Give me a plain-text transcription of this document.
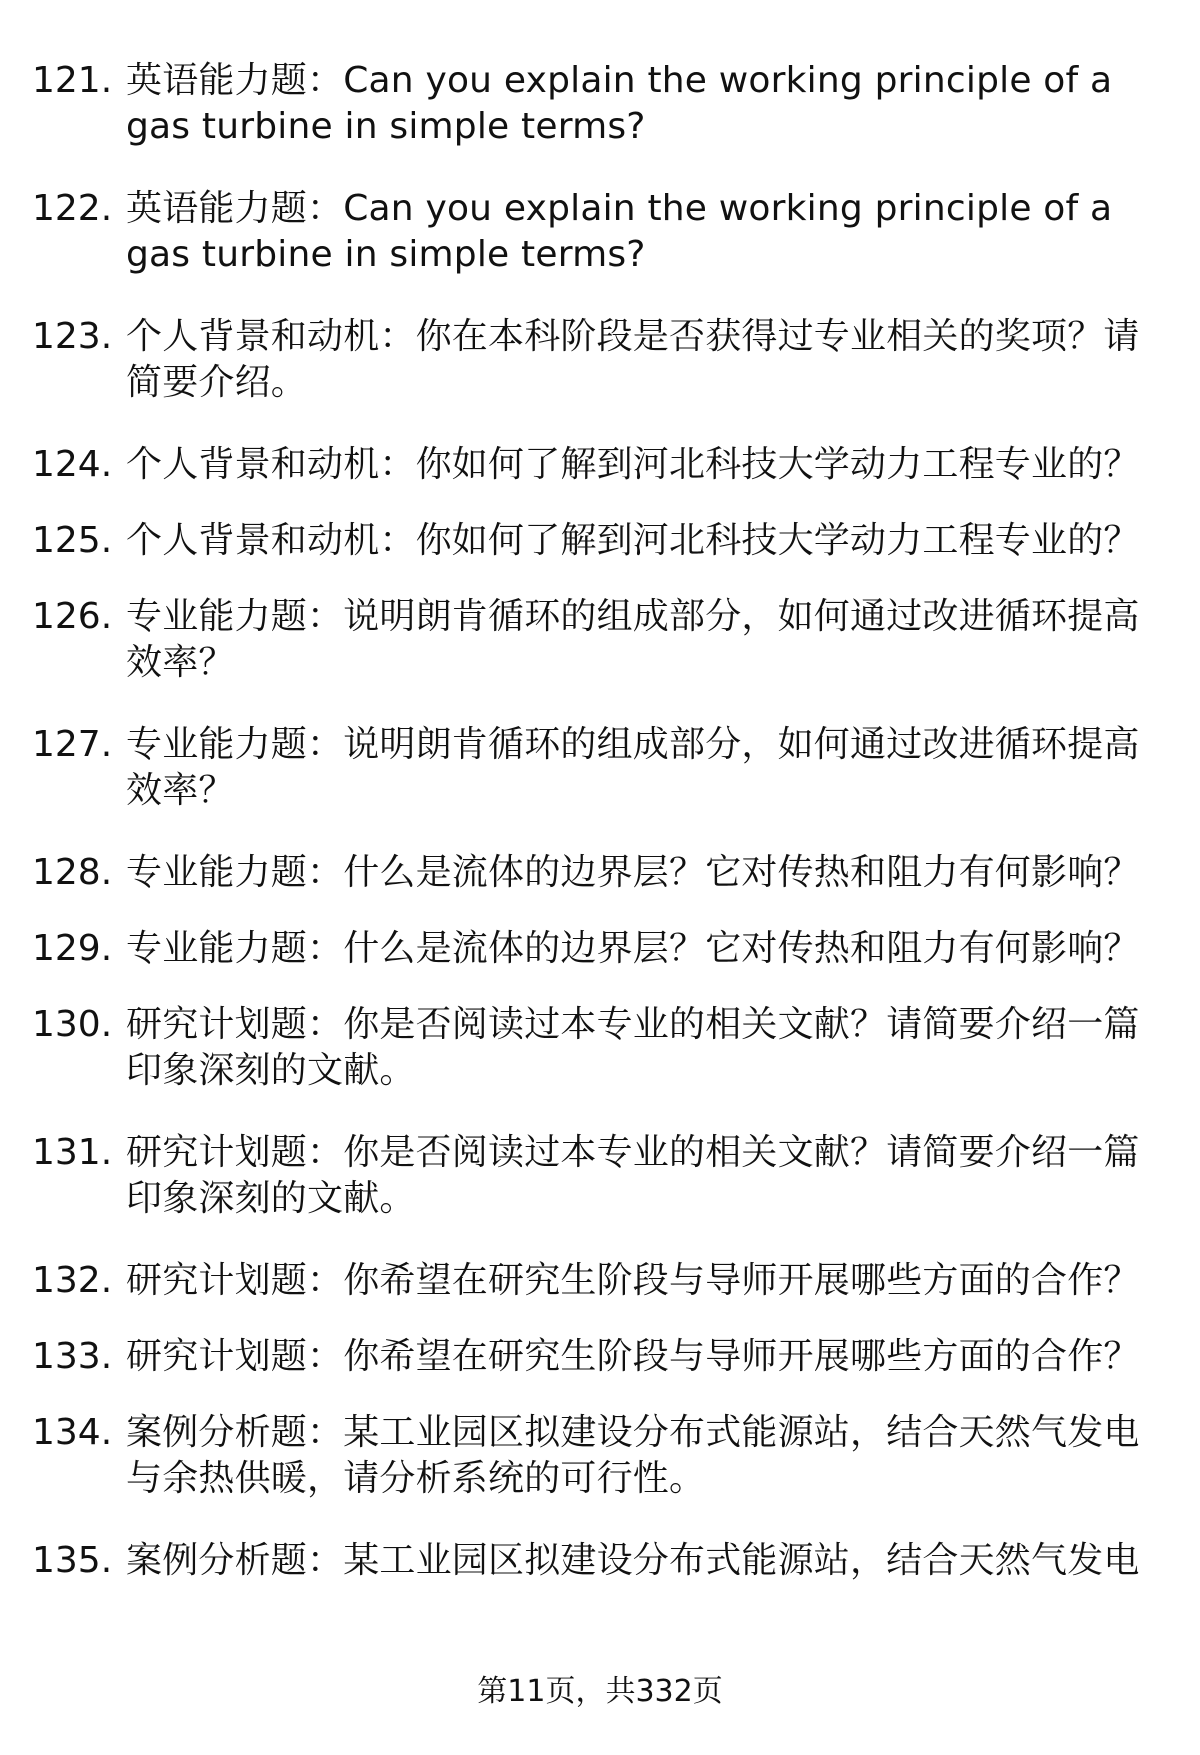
121. 英语能力题：Can you explain the working principle of a gas turbine in simple terms?
122. 英语能力题：Can you explain the working principle of a gas turbine in simple terms?
123. 个人背景和动机：你在本科阶段是否获得过专业相关的奖项？请简要介绍。
124. 个人背景和动机：你如何了解到河北科技大学动力工程专业的？
125. 个人背景和动机：你如何了解到河北科技大学动力工程专业的？
126. 专业能力题：说明朗肯循环的组成部分，如何通过改进循环提高效率？
127. 专业能力题：说明朗肯循环的组成部分，如何通过改进循环提高效率？
128. 专业能力题：什么是流体的边界层？它对传热和阻力有何影响？
129. 专业能力题：什么是流体的边界层？它对传热和阻力有何影响？
130. 研究计划题：你是否阅读过本专业的相关文献？请简要介绍一篇印象深刻的文献。
131. 研究计划题：你是否阅读过本专业的相关文献？请简要介绍一篇印象深刻的文献。
132. 研究计划题：你希望在研究生阶段与导师开展哪些方面的合作？
133. 研究计划题：你希望在研究生阶段与导师开展哪些方面的合作？
134. 案例分析题：某工业园区拟建设分布式能源站，结合天然气发电与余热供暖，请分析系统的可行性。
135. 案例分析题：某工业园区拟建设分布式能源站，结合天然气发电
第11页，共332页
